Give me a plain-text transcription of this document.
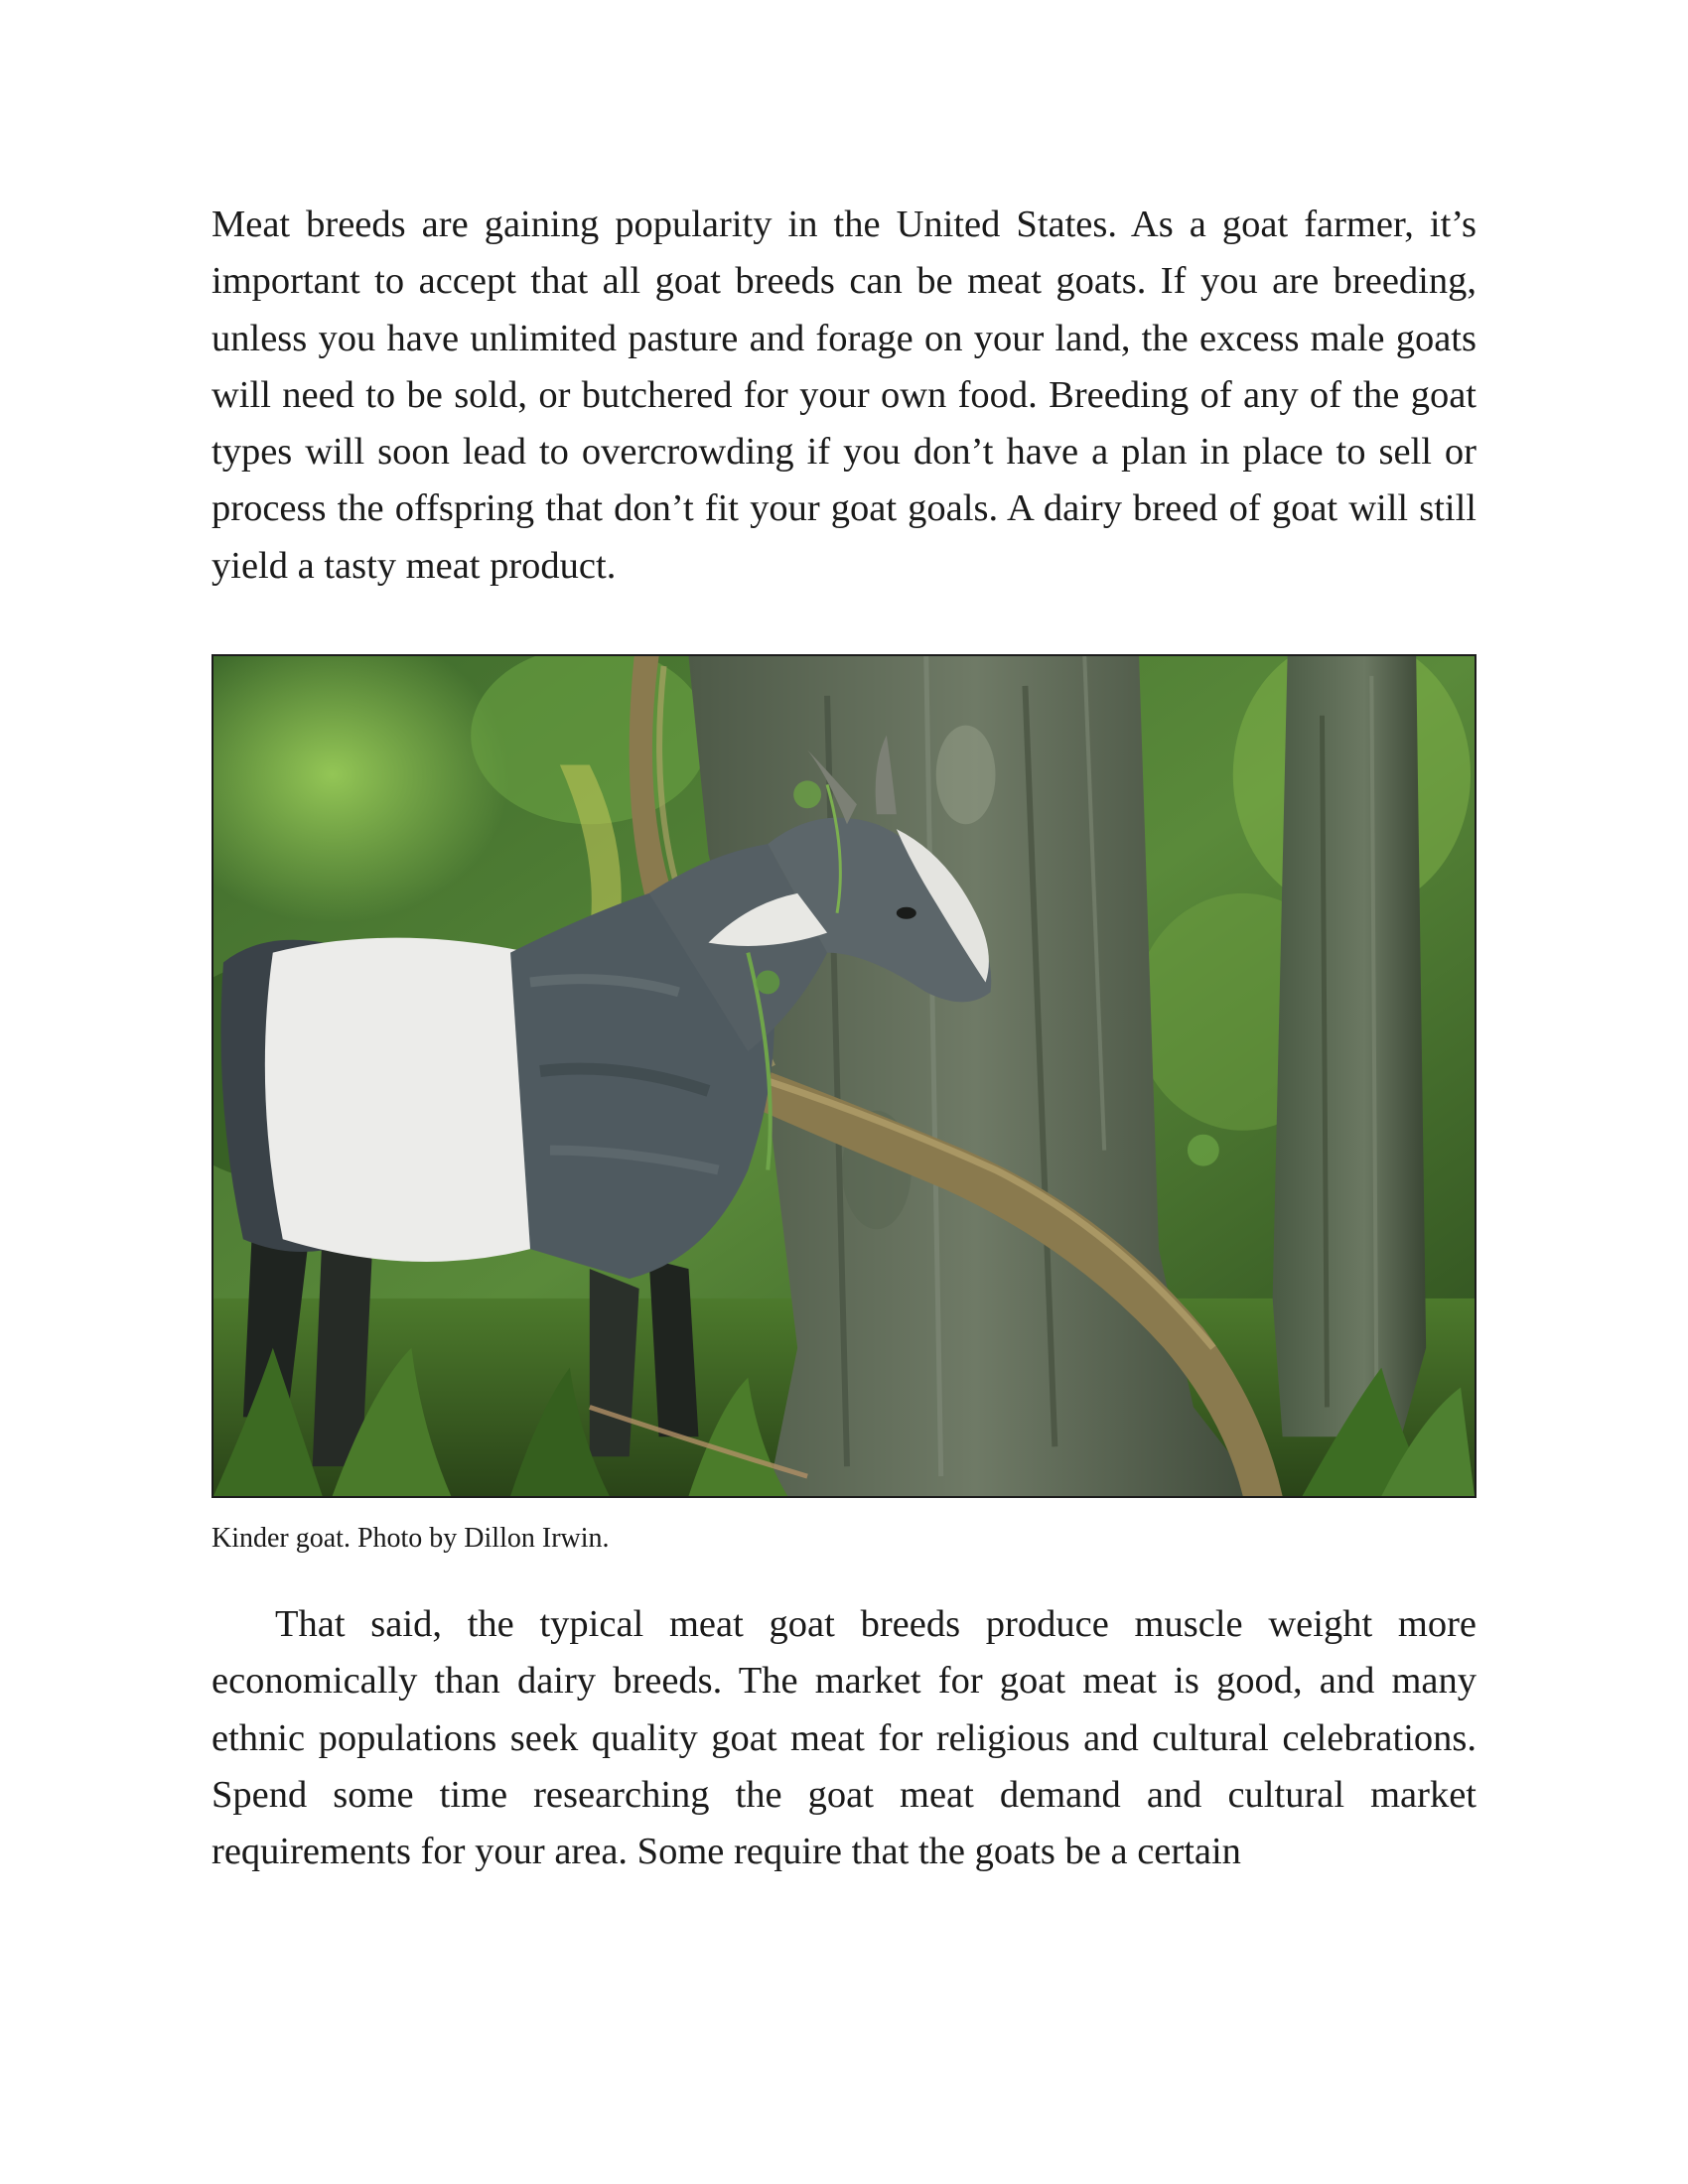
Meat breeds are gaining popularity in the United States. As a goat farmer, it’s important to accept that all goat breeds can be meat goats. If you are breeding, unless you have unlimited pasture and forage on your land, the excess male goats will need to be sold, or butchered for your own food. Breeding of any of the goat types will soon lead to overcrowding if you don’t have a plan in place to sell or process the offspring that don’t fit your goat goals. A dairy breed of goat will still yield a tasty meat product.

Kinder goat. Photo by Dillon Irwin.

That said, the typical meat goat breeds produce muscle weight more economically than dairy breeds. The market for goat meat is good, and many ethnic populations seek quality goat meat for religious and cultural celebrations. Spend some time researching the goat meat demand and cultural market requirements for your area. Some require that the goats be a certain
